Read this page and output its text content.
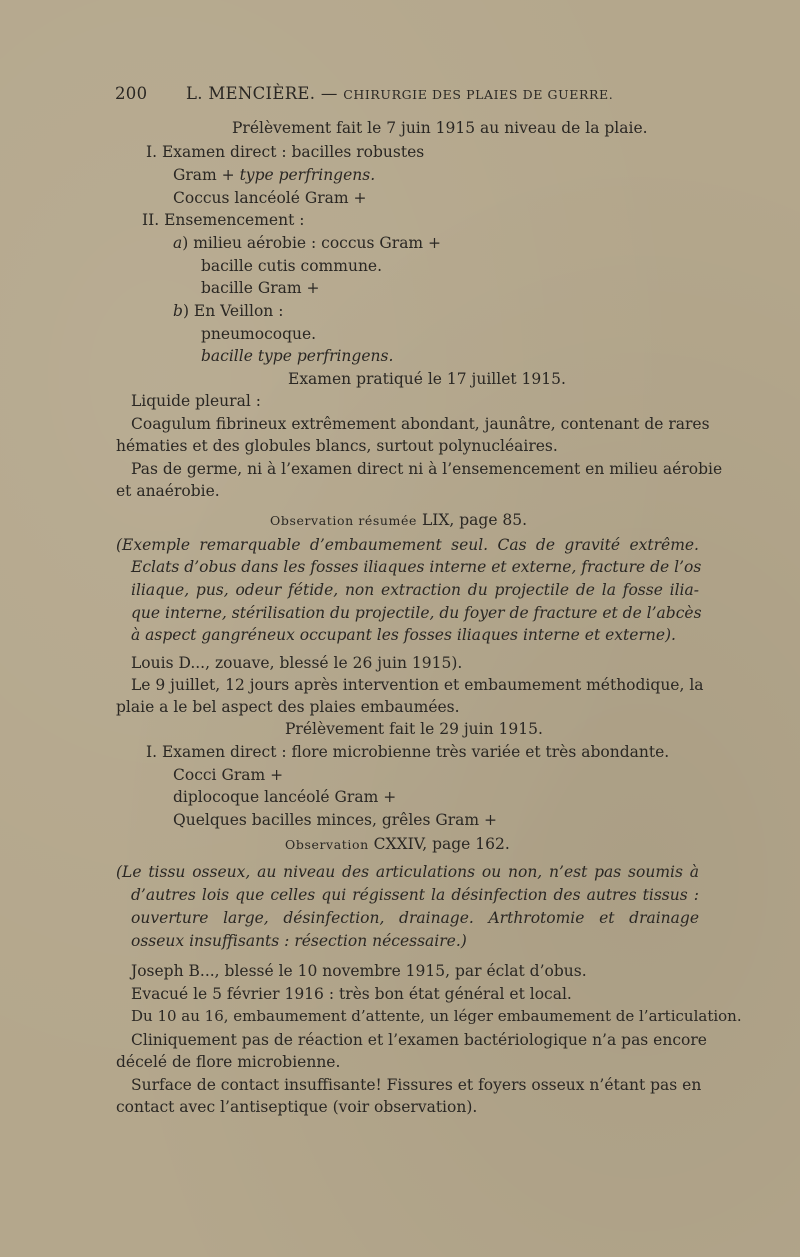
200 L. MENCIÈRE. — CHIRURGIE DES PLAIES DE GUERRE.
Prélèvement fait le 7 juin 1915 au niveau de la plaie.
I. Examen direct : bacilles robustes
Gram + type perfringens.
Coccus lancéolé Gram +
II. Ensemencement :
a) milieu aérobie : coccus Gram +
bacille cutis commune.
bacille Gram +
b) En Veillon :
pneumocoque.
bacille type perfringens.
Examen pratiqué le 17 juillet 1915.
Liquide pleural :
Coagulum fibrineux extrêmement abondant, jaunâtre, contenant de rares
hématies et des globules blancs, surtout polynucléaires.
Pas de germe, ni à l’examen direct ni à l’ensemencement en milieu aérobie
et anaérobie.
Observation résumée LIX, page 85.
(Exemple remarquable d’embaumement seul. Cas de gravité extrême.
Eclats d’obus dans les fosses iliaques interne et externe, fracture de l’os
iliaque, pus, odeur fétide, non extraction du projectile de la fosse ilia-
que interne, stérilisation du projectile, du foyer de fracture et de l’abcès
à aspect gangréneux occupant les fosses iliaques interne et externe).
Louis D..., zouave, blessé le 26 juin 1915).
Le 9 juillet, 12 jours après intervention et embaumement méthodique, la
plaie a le bel aspect des plaies embaumées.
Prélèvement fait le 29 juin 1915.
I. Examen direct : flore microbienne très variée et très abondante.
Cocci Gram +
diplocoque lancéolé Gram +
Quelques bacilles minces, grêles Gram +
Observation CXXIV, page 162.
(Le tissu osseux, au niveau des articulations ou non, n’est pas soumis à
d’autres lois que celles qui régissent la désinfection des autres tissus :
ouverture large, désinfection, drainage. Arthrotomie et drainage
osseux insuffisants : résection nécessaire.)
Joseph B..., blessé le 10 novembre 1915, par éclat d’obus.
Evacué le 5 février 1916 : très bon état général et local.
Du 10 au 16, embaumement d’attente, un léger embaumement de l’articulation.
Cliniquement pas de réaction et l’examen bactériologique n’a pas encore
décelé de flore microbienne.
Surface de contact insuffisante! Fissures et foyers osseux n’étant pas en
contact avec l’antiseptique (voir observation).
